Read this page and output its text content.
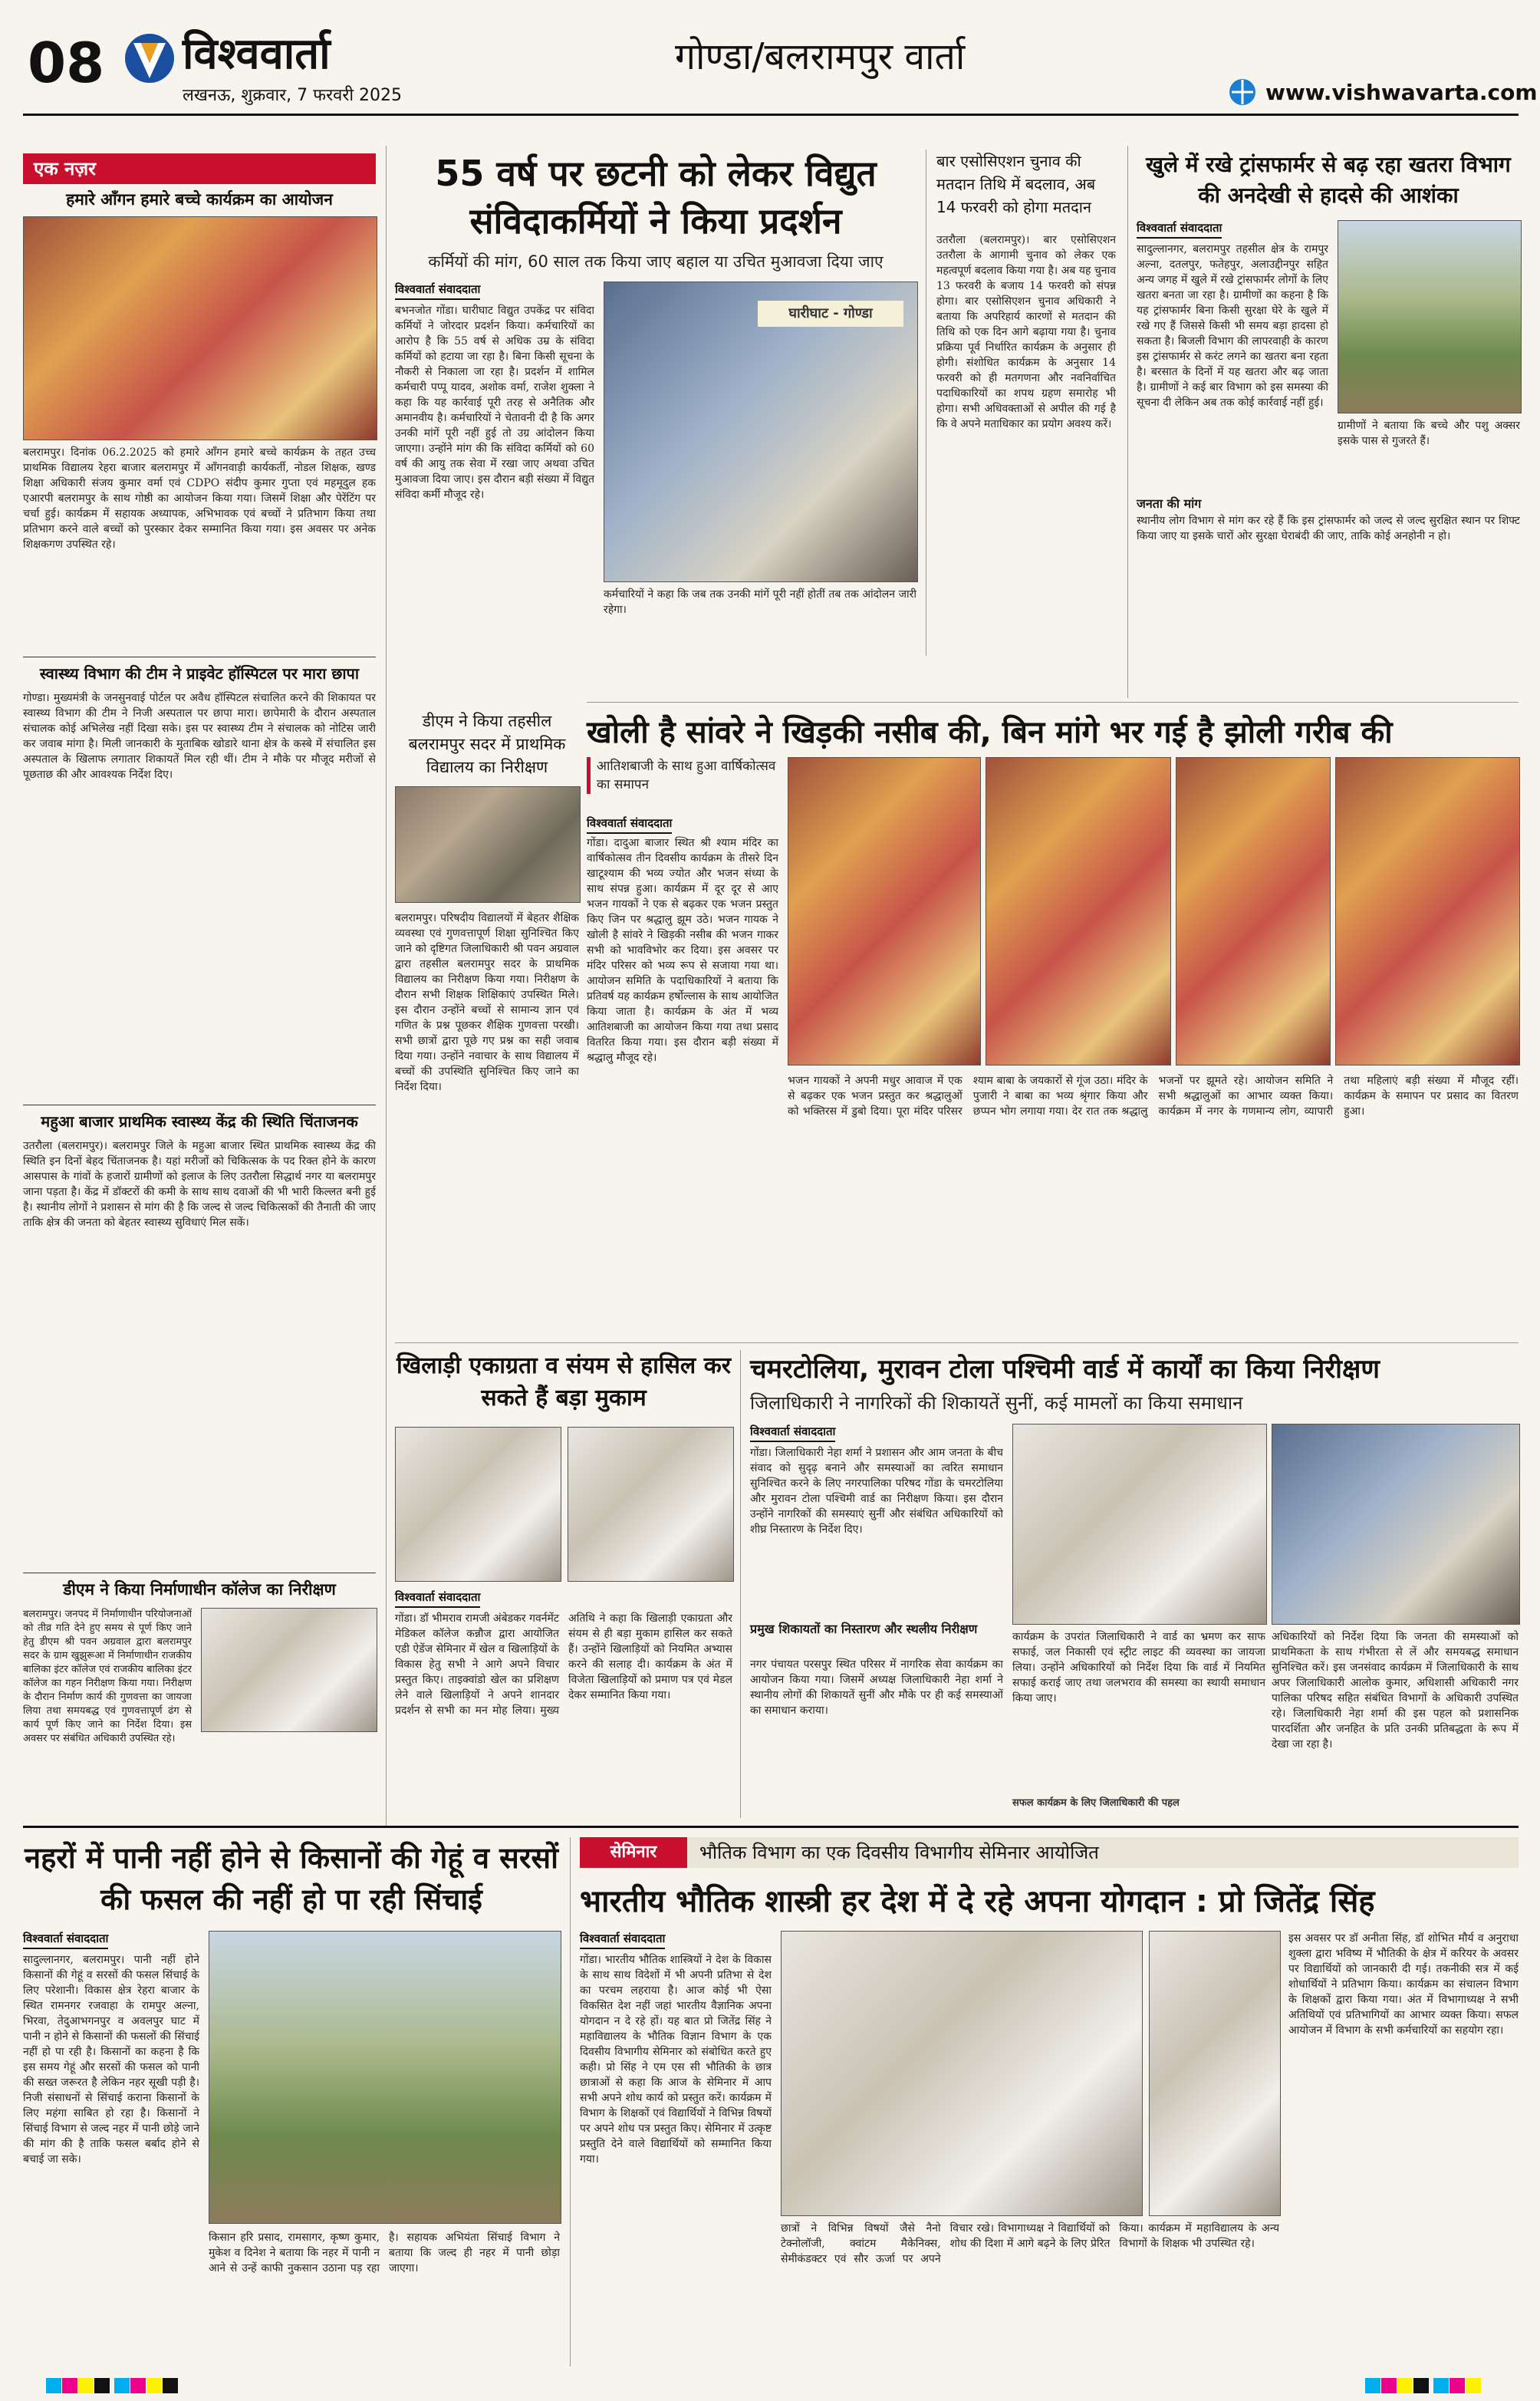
08 विश्ववार्ता
लखनऊ, शुक्रवार, 7 फरवरी 2025
गोण्डा/बलरामपुर वार्ता
www.vishwavarta.com
एक नज़र
हमारे आँगन हमारे बच्चे कार्यक्रम का आयोजन
बलरामपुर। दिनांक 06.2.2025 को हमारे आँगन हमारे बच्चे कार्यक्रम के तहत उच्च प्राथमिक विद्यालय रेहरा बाजार बलरामपुर में आँगनवाड़ी कार्यकर्ती, नोडल शिक्षक, खण्ड शिक्षा अधिकारी संजय कुमार वर्मा एवं CDPO संदीप कुमार गुप्ता एवं महमूदुल हक एआरपी बलरामपुर के साथ गोष्ठी का आयोजन किया गया। जिसमें शिक्षा और पेरेंटिंग पर चर्चा हुई। कार्यक्रम में सहायक अध्यापक, अभिभावक एवं बच्चों ने प्रतिभाग किया तथा प्रतिभाग करने वाले बच्चों को पुरस्कार देकर सम्मानित किया गया। इस अवसर पर अनेक शिक्षकगण उपस्थित रहे।
स्वास्थ्य विभाग की टीम ने प्राइवेट हॉस्पिटल पर मारा छापा
गोण्डा। मुख्यमंत्री के जनसुनवाई पोर्टल पर अवैध हॉस्पिटल संचालित करने की शिकायत पर स्वास्थ्य विभाग की टीम ने निजी अस्पताल पर छापा मारा। छापेमारी के दौरान अस्पताल संचालक कोई अभिलेख नहीं दिखा सके। इस पर स्वास्थ्य टीम ने संचालक को नोटिस जारी कर जवाब मांगा है। मिली जानकारी के मुताबिक खोडारे थाना क्षेत्र के कस्बे में संचालित इस अस्पताल के खिलाफ लगातार शिकायतें मिल रही थीं। टीम ने मौके पर मौजूद मरीजों से पूछताछ की और आवश्यक निर्देश दिए।
महुआ बाजार प्राथमिक स्वास्थ्य केंद्र की स्थिति चिंताजनक
उतरौला (बलरामपुर)। बलरामपुर जिले के महुआ बाजार स्थित प्राथमिक स्वास्थ्य केंद्र की स्थिति इन दिनों बेहद चिंताजनक है। यहां मरीजों को चिकित्सक के पद रिक्त होने के कारण आसपास के गांवों के हजारों ग्रामीणों को इलाज के लिए उतरौला सिद्धार्थ नगर या बलरामपुर जाना पड़ता है। केंद्र में डॉक्टरों की कमी के साथ साथ दवाओं की भी भारी किल्लत बनी हुई है। स्थानीय लोगों ने प्रशासन से मांग की है कि जल्द से जल्द चिकित्सकों की तैनाती की जाए ताकि क्षेत्र की जनता को बेहतर स्वास्थ्य सुविधाएं मिल सकें।
डीएम ने किया निर्माणाधीन कॉलेज का निरीक्षण
बलरामपुर। जनपद में निर्माणाधीन परियोजनाओं को तीव्र गति देने हुए समय से पूर्ण किए जाने हेतु डीएम श्री पवन अग्रवाल द्वारा बलरामपुर सदर के ग्राम खुझुरूआ में निर्माणाधीन राजकीय बालिका इंटर कॉलेज एवं राजकीय बालिका इंटर कॉलेज का गहन निरीक्षण किया गया। निरीक्षण के दौरान निर्माण कार्य की गुणवत्ता का जायजा लिया तथा समयबद्ध एवं गुणवत्तापूर्ण ढंग से कार्य पूर्ण किए जाने का निर्देश दिया। इस अवसर पर संबंधित अधिकारी उपस्थित रहे।
55 वर्ष पर छटनी को लेकर विद्युत संविदाकर्मियों ने किया प्रदर्शन
कर्मियों की मांग, 60 साल तक किया जाए बहाल या उचित मुआवजा दिया जाए
विश्ववार्ता संवाददाता
बभनजोत गोंडा। घारीघाट विद्युत उपकेंद्र पर संविदा कर्मियों ने जोरदार प्रदर्शन किया। कर्मचारियों का आरोप है कि 55 वर्ष से अधिक उम्र के संविदा कर्मियों को हटाया जा रहा है। बिना किसी सूचना के नौकरी से निकाला जा रहा है। प्रदर्शन में शामिल कर्मचारी पप्पू यादव, अशोक वर्मा, राजेश शुक्ला ने कहा कि यह कार्रवाई पूरी तरह से अनैतिक और अमानवीय है। कर्मचारियों ने चेतावनी दी है कि अगर उनकी मांगें पूरी नहीं हुई तो उग्र आंदोलन किया जाएगा। उन्होंने मांग की कि संविदा कर्मियों को 60 वर्ष की आयु तक सेवा में रखा जाए अथवा उचित मुआवजा दिया जाए। इस दौरान बड़ी संख्या में विद्युत संविदा कर्मी मौजूद रहे।
घारीघाट - गोण्डा
कर्मचारियों ने कहा कि जब तक उनकी मांगें पूरी नहीं होतीं तब तक आंदोलन जारी रहेगा।
बार एसोसिएशन चुनाव की मतदान तिथि में बदलाव, अब 14 फरवरी को होगा मतदान
उतरौला (बलरामपुर)। बार एसोसिएशन उतरौला के आगामी चुनाव को लेकर एक महत्वपूर्ण बदलाव किया गया है। अब यह चुनाव 13 फरवरी के बजाय 14 फरवरी को संपन्न होगा। बार एसोसिएशन चुनाव अधिकारी ने बताया कि अपरिहार्य कारणों से मतदान की तिथि को एक दिन आगे बढ़ाया गया है। चुनाव प्रक्रिया पूर्व निर्धारित कार्यक्रम के अनुसार ही होगी। संशोधित कार्यक्रम के अनुसार 14 फरवरी को ही मतगणना और नवनिर्वाचित पदाधिकारियों का शपथ ग्रहण समारोह भी होगा। सभी अधिवक्ताओं से अपील की गई है कि वे अपने मताधिकार का प्रयोग अवश्य करें।
डीएम ने किया तहसील बलरामपुर सदर में प्राथमिक विद्यालय का निरीक्षण
बलरामपुर। परिषदीय विद्यालयों में बेहतर शैक्षिक व्यवस्था एवं गुणवत्तापूर्ण शिक्षा सुनिश्चित किए जाने को दृष्टिगत जिलाधिकारी श्री पवन अग्रवाल द्वारा तहसील बलरामपुर सदर के प्राथमिक विद्यालय का निरीक्षण किया गया। निरीक्षण के दौरान सभी शिक्षक शिक्षिकाएं उपस्थित मिले। इस दौरान उन्होंने बच्चों से सामान्य ज्ञान एवं गणित के प्रश्न पूछकर शैक्षिक गुणवत्ता परखी। सभी छात्रों द्वारा पूछे गए प्रश्न का सही जवाब दिया गया। उन्होंने नवाचार के साथ विद्यालय में बच्चों की उपस्थिति सुनिश्चित किए जाने का निर्देश दिया।
खुले में रखे ट्रांसफार्मर से बढ़ रहा खतरा विभाग की अनदेखी से हादसे की आशंका
विश्ववार्ता संवाददाता
सादुल्लानगर, बलरामपुर तहसील क्षेत्र के रामपुर अल्ना, दतलपुर, फतेहपुर, अलाउद्दीनपुर सहित अन्य जगह में खुले में रखे ट्रांसफार्मर लोगों के लिए खतरा बनता जा रहा है। ग्रामीणों का कहना है कि यह ट्रांसफार्मर बिना किसी सुरक्षा घेरे के खुले में रखे गए हैं जिससे किसी भी समय बड़ा हादसा हो सकता है। बिजली विभाग की लापरवाही के कारण इस ट्रांसफार्मर से करंट लगने का खतरा बना रहता है। बरसात के दिनों में यह खतरा और बढ़ जाता है। ग्रामीणों ने कई बार विभाग को इस समस्या की सूचना दी लेकिन अब तक कोई कार्रवाई नहीं हुई।
ग्रामीणों ने बताया कि बच्चे और पशु अक्सर इसके पास से गुजरते हैं।
जनता की मांग
स्थानीय लोग विभाग से मांग कर रहे हैं कि इस ट्रांसफार्मर को जल्द से जल्द सुरक्षित स्थान पर शिफ्ट किया जाए या इसके चारों ओर सुरक्षा घेराबंदी की जाए, ताकि कोई अनहोनी न हो।
खोली है सांवरे ने खिड़की नसीब की, बिन मांगे भर गई है झोली गरीब की
आतिशबाजी के साथ हुआ वार्षिकोत्सव का समापन
विश्ववार्ता संवाददाता
गोंडा। दादुआ बाजार स्थित श्री श्याम मंदिर का वार्षिकोत्सव तीन दिवसीय कार्यक्रम के तीसरे दिन खाटूश्याम की भव्य ज्योत और भजन संध्या के साथ संपन्न हुआ। कार्यक्रम में दूर दूर से आए भजन गायकों ने एक से बढ़कर एक भजन प्रस्तुत किए जिन पर श्रद्धालु झूम उठे। भजन गायक ने खोली है सांवरे ने खिड़की नसीब की भजन गाकर सभी को भावविभोर कर दिया। इस अवसर पर मंदिर परिसर को भव्य रूप से सजाया गया था। आयोजन समिति के पदाधिकारियों ने बताया कि प्रतिवर्ष यह कार्यक्रम हर्षोल्लास के साथ आयोजित किया जाता है। कार्यक्रम के अंत में भव्य आतिशबाजी का आयोजन किया गया तथा प्रसाद वितरित किया गया। इस दौरान बड़ी संख्या में श्रद्धालु मौजूद रहे।
भजन गायकों ने अपनी मधुर आवाज में एक से बढ़कर एक भजन प्रस्तुत कर श्रद्धालुओं को भक्तिरस में डुबो दिया। पूरा मंदिर परिसर श्याम बाबा के जयकारों से गूंज उठा। मंदिर के पुजारी ने बाबा का भव्य श्रृंगार किया और छप्पन भोग लगाया गया। देर रात तक श्रद्धालु भजनों पर झूमते रहे। आयोजन समिति ने सभी श्रद्धालुओं का आभार व्यक्त किया। कार्यक्रम में नगर के गणमान्य लोग, व्यापारी तथा महिलाएं बड़ी संख्या में मौजूद रहीं। कार्यक्रम के समापन पर प्रसाद का वितरण हुआ।
खिलाड़ी एकाग्रता व संयम से हासिल कर सकते हैं बड़ा मुकाम
विश्ववार्ता संवाददाता
गोंडा। डॉ भीमराव रामजी अंबेडकर गवर्नमेंट मेडिकल कॉलेज कन्नौज द्वारा आयोजित एडी ऐडेंज सेमिनार में खेल व खिलाड़ियों के विकास हेतु सभी ने आगे अपने विचार प्रस्तुत किए। ताइक्वांडो खेल का प्रशिक्षण लेने वाले खिलाड़ियों ने अपने शानदार प्रदर्शन से सभी का मन मोह लिया। मुख्य अतिथि ने कहा कि खिलाड़ी एकाग्रता और संयम से ही बड़ा मुकाम हासिल कर सकते हैं। उन्होंने खिलाड़ियों को नियमित अभ्यास करने की सलाह दी। कार्यक्रम के अंत में विजेता खिलाड़ियों को प्रमाण पत्र एवं मेडल देकर सम्मानित किया गया।
चमरटोलिया, मुरावन टोला पश्चिमी वार्ड में कार्यों का किया निरीक्षण
जिलाधिकारी ने नागरिकों की शिकायतें सुनीं, कई मामलों का किया समाधान
विश्ववार्ता संवाददाता
गोंडा। जिलाधिकारी नेहा शर्मा ने प्रशासन और आम जनता के बीच संवाद को सुदृढ़ बनाने और समस्याओं का त्वरित समाधान सुनिश्चित करने के लिए नगरपालिका परिषद गोंडा के चमरटोलिया और मुरावन टोला पश्चिमी वार्ड का निरीक्षण किया। इस दौरान उन्होंने नागरिकों की समस्याएं सुनीं और संबंधित अधिकारियों को शीघ्र निस्तारण के निर्देश दिए।
प्रमुख शिकायतों का निस्तारण और स्थलीय निरीक्षण
नगर पंचायत परसपुर स्थित परिसर में नागरिक सेवा कार्यक्रम का आयोजन किया गया। जिसमें अध्यक्ष जिलाधिकारी नेहा शर्मा ने स्थानीय लोगों की शिकायतें सुनीं और मौके पर ही कई समस्याओं का समाधान कराया।
सफल कार्यक्रम के लिए जिलाधिकारी की पहल
कार्यक्रम के उपरांत जिलाधिकारी ने वार्ड का भ्रमण कर साफ सफाई, जल निकासी एवं स्ट्रीट लाइट की व्यवस्था का जायजा लिया। उन्होंने अधिकारियों को निर्देश दिया कि वार्ड में नियमित सफाई कराई जाए तथा जलभराव की समस्या का स्थायी समाधान किया जाए।
अधिकारियों को निर्देश दिया कि जनता की समस्याओं को प्राथमिकता के साथ गंभीरता से लें और समयबद्ध समाधान सुनिश्चित करें। इस जनसंवाद कार्यक्रम में जिलाधिकारी के साथ अपर जिलाधिकारी आलोक कुमार, अधिशासी अधिकारी नगर पालिका परिषद सहित संबंधित विभागों के अधिकारी उपस्थित रहे। जिलाधिकारी नेहा शर्मा की इस पहल को प्रशासनिक पारदर्शिता और जनहित के प्रति उनकी प्रतिबद्धता के रूप में देखा जा रहा है।
नहरों में पानी नहीं होने से किसानों की गेहूं व सरसों की फसल की नहीं हो पा रही सिंचाई
विश्ववार्ता संवाददाता
सादुल्लानगर, बलरामपुर। पानी नहीं होने किसानों की गेहूं व सरसों की फसल सिंचाई के लिए परेशानी। विकास क्षेत्र रेहरा बाजार के स्थित रामनगर रजवाहा के रामपुर अल्ना, भिरवा, तेदुआभगनपुर व अवलपुर घाट में पानी न होने से किसानों की फसलों की सिंचाई नहीं हो पा रही है। किसानों का कहना है कि इस समय गेहूं और सरसों की फसल को पानी की सख्त जरूरत है लेकिन नहर सूखी पड़ी है। निजी संसाधनों से सिंचाई कराना किसानों के लिए महंगा साबित हो रहा है। किसानों ने सिंचाई विभाग से जल्द नहर में पानी छोड़े जाने की मांग की है ताकि फसल बर्बाद होने से बचाई जा सके।
किसान हरि प्रसाद, रामसागर, कृष्ण कुमार, मुकेश व दिनेश ने बताया कि नहर में पानी न आने से उन्हें काफी नुकसान उठाना पड़ रहा है। सहायक अभियंता सिंचाई विभाग ने बताया कि जल्द ही नहर में पानी छोड़ा जाएगा।
सेमिनार	भौतिक विभाग का एक दिवसीय विभागीय सेमिनार आयोजित
भारतीय भौतिक शास्त्री हर देश में दे रहे अपना योगदान : प्रो जितेंद्र सिंह
विश्ववार्ता संवाददाता
गोंडा। भारतीय भौतिक शास्त्रियों ने देश के विकास के साथ साथ विदेशों में भी अपनी प्रतिभा से देश का परचम लहराया है। आज कोई भी ऐसा विकसित देश नहीं जहां भारतीय वैज्ञानिक अपना योगदान न दे रहे हों। यह बात प्रो जितेंद्र सिंह ने महाविद्यालय के भौतिक विज्ञान विभाग के एक दिवसीय विभागीय सेमिनार को संबोधित करते हुए कही। प्रो सिंह ने एम एस सी भौतिकी के छात्र छात्राओं से कहा कि आज के सेमिनार में आप सभी अपने शोध कार्य को प्रस्तुत करें। कार्यक्रम में विभाग के शिक्षकों एवं विद्यार्थियों ने विभिन्न विषयों पर अपने शोध पत्र प्रस्तुत किए। सेमिनार में उत्कृष्ट प्रस्तुति देने वाले विद्यार्थियों को सम्मानित किया गया।
छात्रों ने विभिन्न विषयों जैसे नैनो टेक्नोलॉजी, क्वांटम मैकेनिक्स, सेमीकंडक्टर एवं सौर ऊर्जा पर अपने विचार रखे। विभागाध्यक्ष ने विद्यार्थियों को शोध की दिशा में आगे बढ़ने के लिए प्रेरित किया। कार्यक्रम में महाविद्यालय के अन्य विभागों के शिक्षक भी उपस्थित रहे।
इस अवसर पर डॉ अनीता सिंह, डॉ शोभित मौर्य व अनुराधा शुक्ला द्वारा भविष्य में भौतिकी के क्षेत्र में करियर के अवसर पर विद्यार्थियों को जानकारी दी गई। तकनीकी सत्र में कई शोधार्थियों ने प्रतिभाग किया। कार्यक्रम का संचालन विभाग के शिक्षकों द्वारा किया गया। अंत में विभागाध्यक्ष ने सभी अतिथियों एवं प्रतिभागियों का आभार व्यक्त किया। सफल आयोजन में विभाग के सभी कर्मचारियों का सहयोग रहा।
